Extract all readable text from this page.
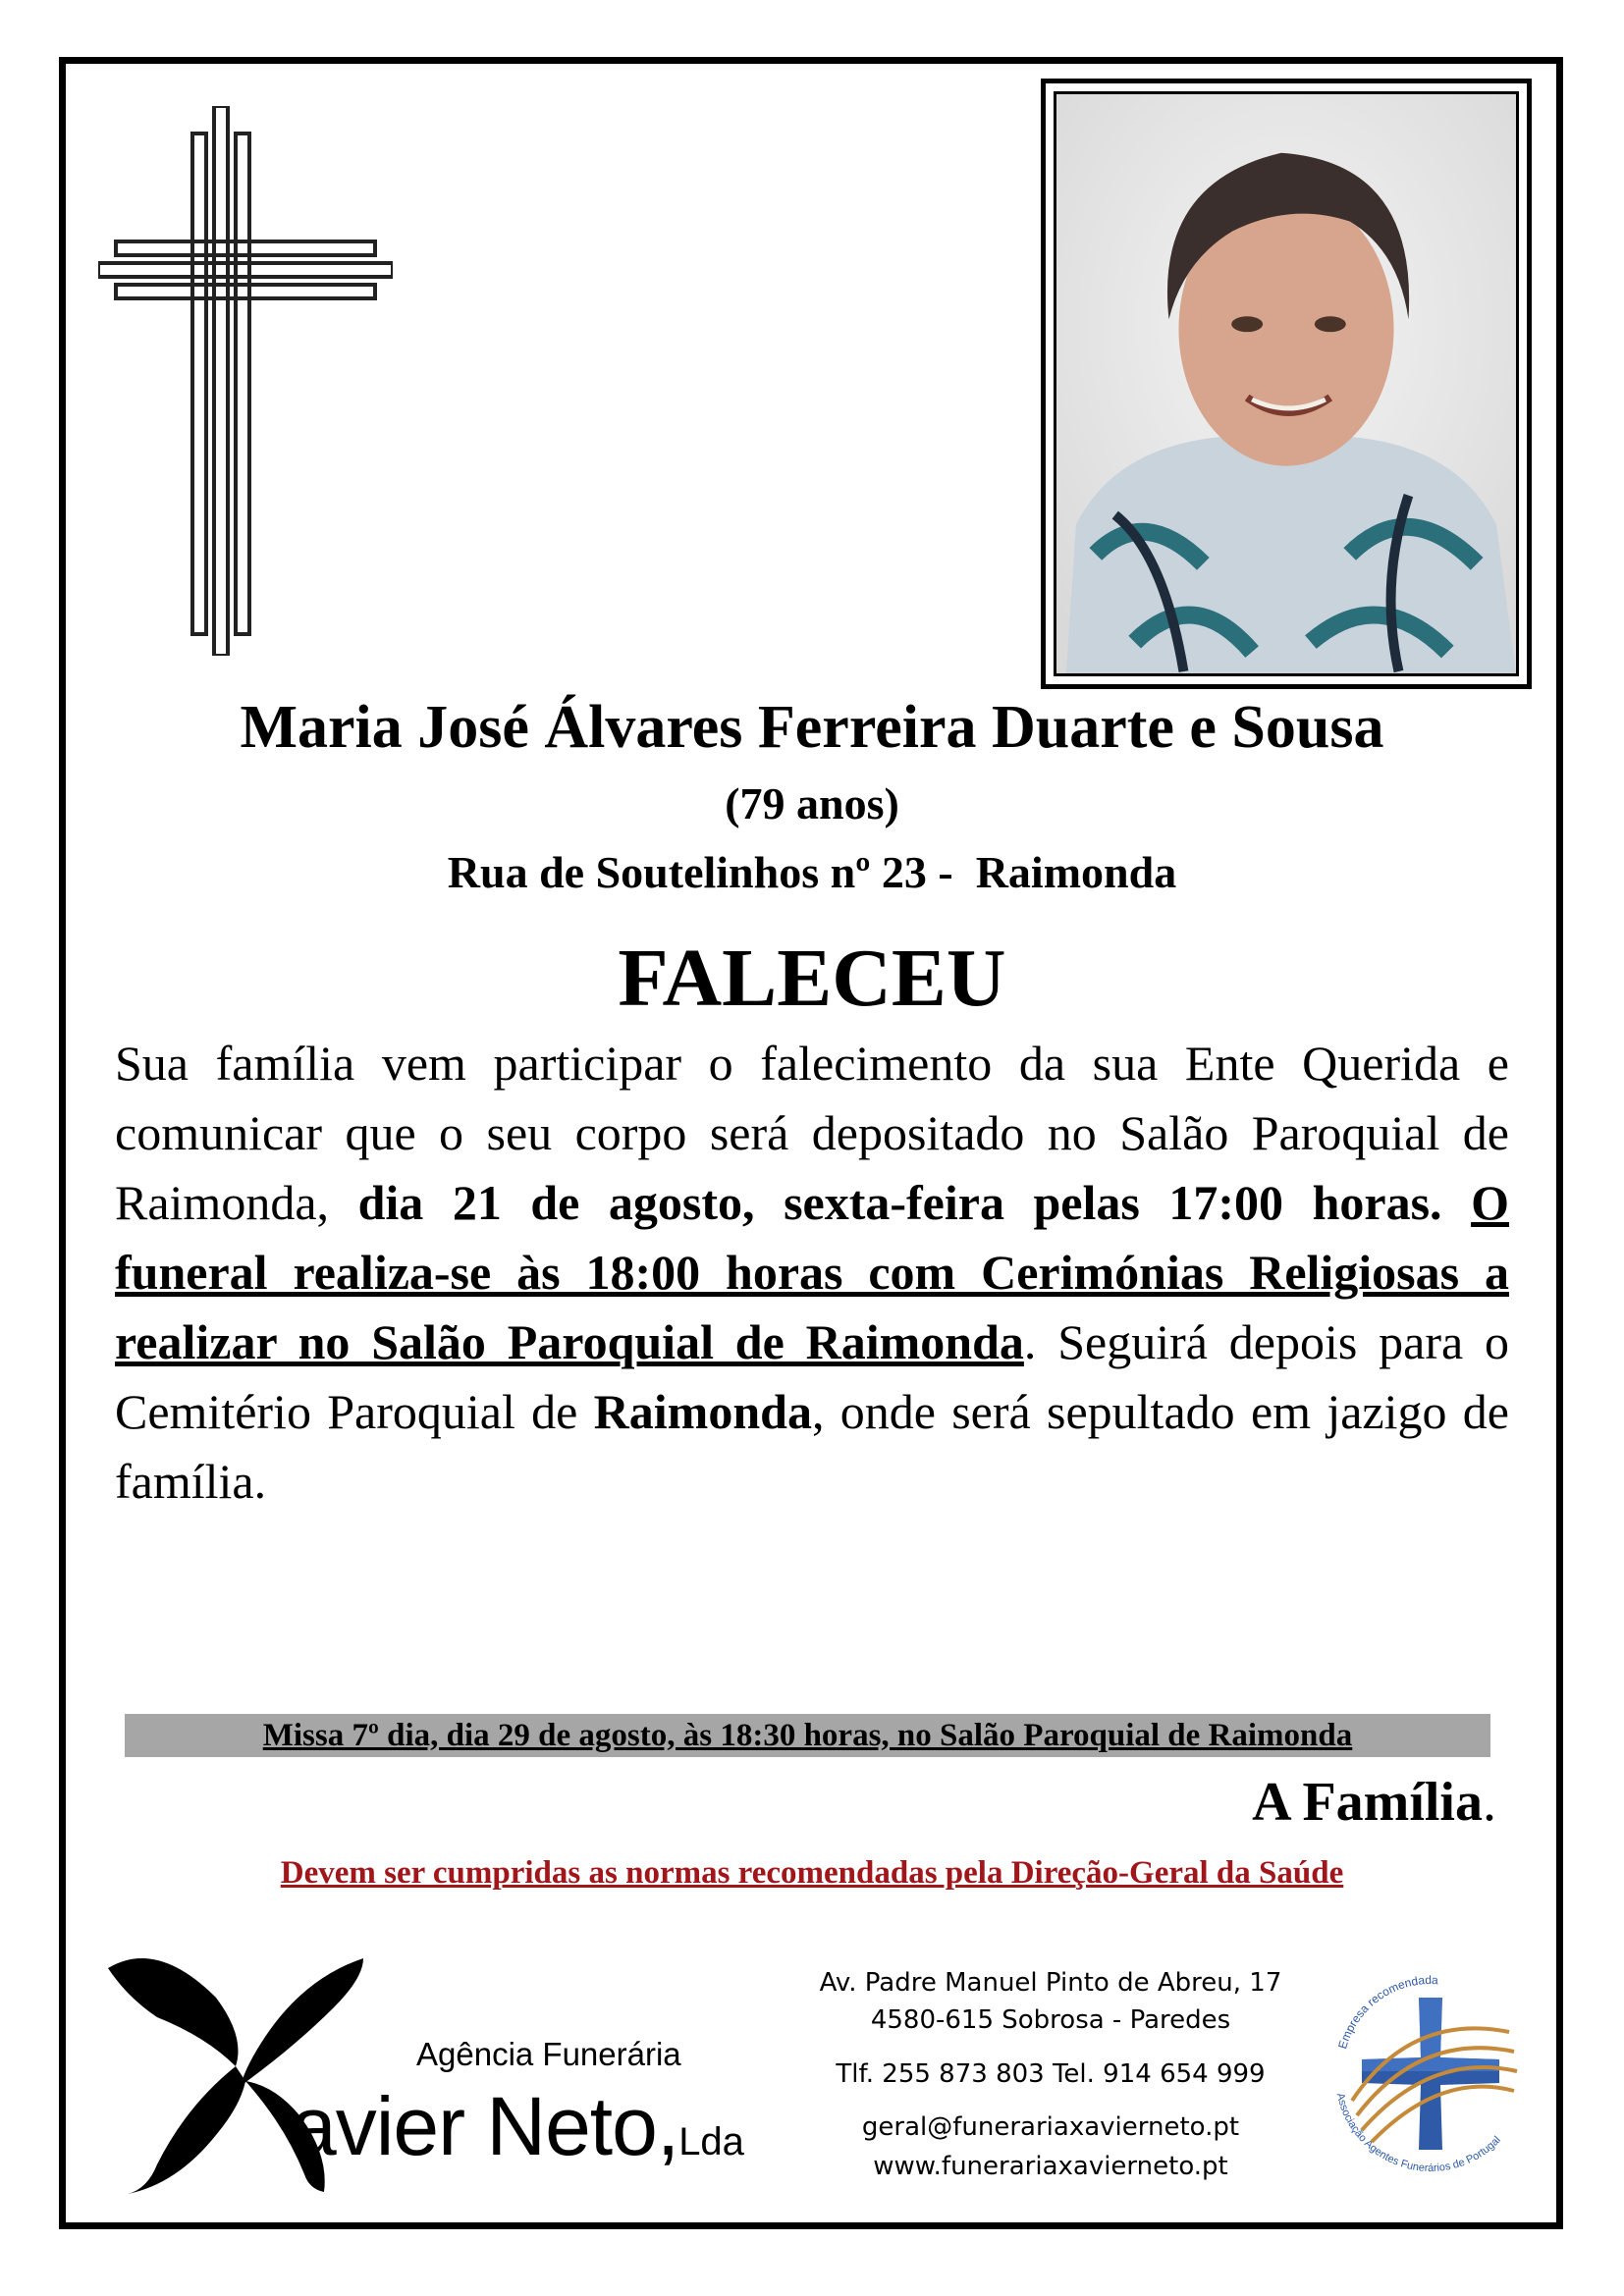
Maria José Álvares Ferreira Duarte e Sousa
(79 anos)
Rua de Soutelinhos nº 23 -  Raimonda
FALECEU
Sua família vem participar o falecimento da sua Ente Querida e comunicar que o seu corpo será depositado no Salão Paroquial de Raimonda, dia 21 de agosto, sexta-feira pelas 17:00 horas. O funeral realiza-se às 18:00 horas com Cerimónias Religiosas a realizar no Salão Paroquial de Raimonda. Seguirá depois para o Cemitério Paroquial de Raimonda, onde será sepultado em jazigo de família.
Missa 7º dia, dia 29 de agosto, às 18:30 horas, no Salão Paroquial de Raimonda
A Família.
Devem ser cumpridas as normas recomendadas pela Direção-Geral da Saúde
Agência Funerária
avier Neto,Lda
Av. Padre Manuel Pinto de Abreu, 17
4580-615 Sobrosa - Paredes
Tlf. 255 873 803 Tel. 914 654 999
geral@funerariaxavierneto.pt
www.funerariaxavierneto.pt
Empresa recomendada
Associação Agentes Funerários de Portugal
